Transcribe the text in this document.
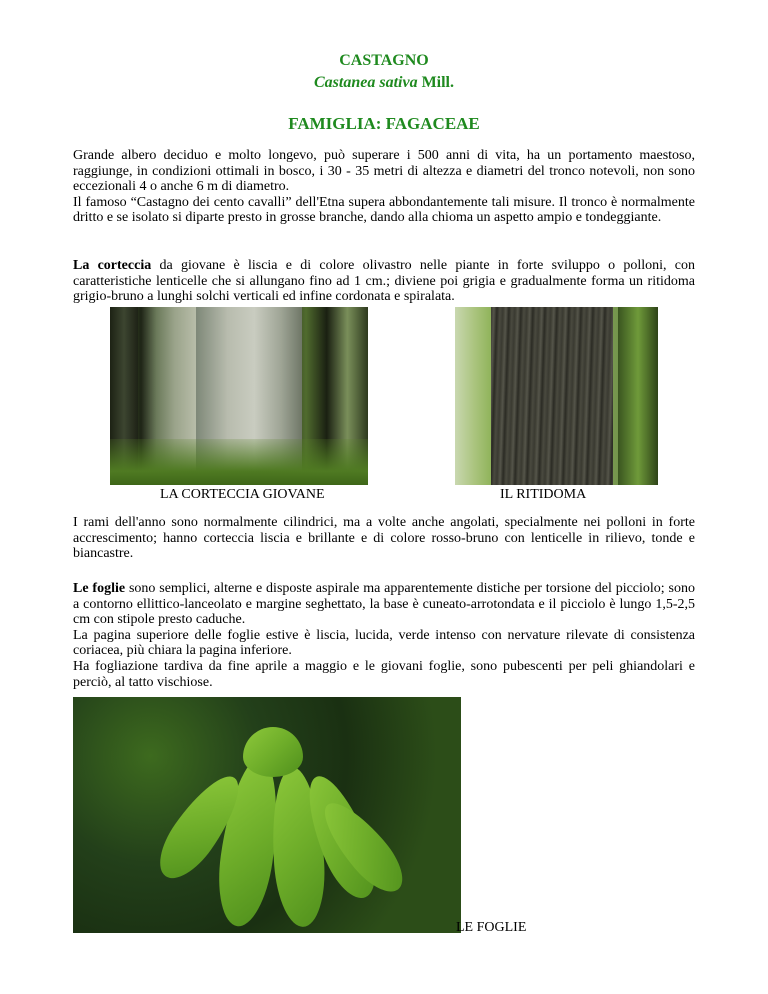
CASTAGNO
Castanea sativa Mill.
FAMIGLIA: FAGACEAE
Grande albero deciduo e molto longevo, può superare i 500 anni di vita, ha un portamento maestoso, raggiunge, in condizioni ottimali in bosco, i 30 - 35 metri di altezza e diametri del tronco notevoli, non sono eccezionali 4 o anche 6 m di diametro.
Il famoso “Castagno dei cento cavalli” dell'Etna supera abbondantemente tali misure. Il tronco è normalmente dritto e se isolato si diparte presto in grosse branche, dando alla chioma un aspetto ampio e tondeggiante.
La corteccia da giovane è liscia e di colore olivastro nelle piante in forte sviluppo o polloni, con caratteristiche lenticelle che si allungano fino ad 1 cm.; diviene poi grigia e gradualmente forma un ritidoma grigio-bruno a lunghi solchi verticali ed infine cordonata e spiralata.
LA CORTECCIA GIOVANE	IL RITIDOMA
I rami dell'anno sono normalmente cilindrici, ma a volte anche angolati, specialmente nei polloni in forte accrescimento; hanno corteccia liscia e brillante e di colore rosso-bruno con lenticelle in rilievo, tonde e biancastre.
Le foglie sono semplici, alterne e disposte aspirale ma apparentemente distiche per torsione del picciolo; sono a contorno ellittico-lanceolato e margine seghettato, la base è cuneato-arrotondata e il picciolo è lungo 1,5-2,5 cm con stipole presto caduche.
La pagina superiore delle foglie estive è liscia, lucida, verde intenso con nervature rilevate di consistenza coriacea, più chiara la pagina inferiore.
Ha fogliazione tardiva da fine aprile a maggio e le giovani foglie, sono pubescenti per peli ghiandolari e perciò, al tatto vischiose.
LE FOGLIE
